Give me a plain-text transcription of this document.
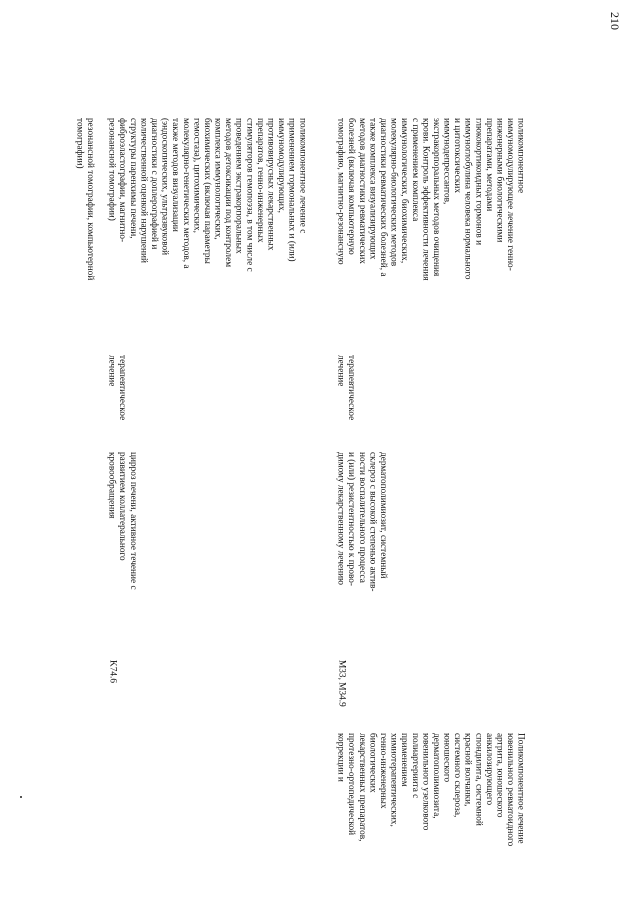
210
резонансной томографии, компьютерной
томографии)	поликомпонентное лечение с
применением гормональных и (или)
иммуномодулирующих,
противовирусных лекарственных
препаратов, генно-инженерных
стимуляторов гемопоэза, в том числе с
проведением экстракорпоральных
методов детоксикации под контролем
комплекса иммунологических,
биохимических (включая параметры
гемостаза), цитохимических,
молекулярно-генетических методов, а
также методов визуализации
(эндоскопических, ультразвуковой
диагностики с доплерографией и
количественной оценкой нарушений
структуры паренхимы печени,
фиброэластографии, магнитно-
резонансной томографии)
терапевтическое
лечение
цирроз печени, активное течение с
развитием коллатерального
кровообращения
K74.6
поликомпонентное
иммуномодулирующее лечение генно-
инженерными биологическими
препаратами, методами
глюкокортикоидных гормонов и
иммуноглобулина человека нормального
и цитотоксических
иммунодепрессантов,
экстракорпоральных методов очищения
крови. Контроль эффективности лечения
с применением комплекса
иммунологических, биохимических,
молекулярно-биологических методов
диагностики ревматических болезней, а
также комплекса визуализирующих
методов диагностики ревматических
болезней (включая компьютерную
томографию, магнитно-резонансную
терапевтическое
лечение
дерматополимиозит, системный
склероз с высокой степенью актив-
ности воспалительного процесса
и (или) резистентностью к прово-
димому лекарственному лечению
M33, M34.9
Поликомпонентное лечение
ювенильного ревматоидного
артрита, юношеского
анкилозирующего
спондилита, системной
красной волчанки,
системного склероза,
юношеского
дерматополимиозита,
ювенильного узелкового
полиартериита с
применением
химиотерапевтических,
генно-инженерных
биологических
лекарственных препаратов,
протезно-ортопедической
коррекции и
